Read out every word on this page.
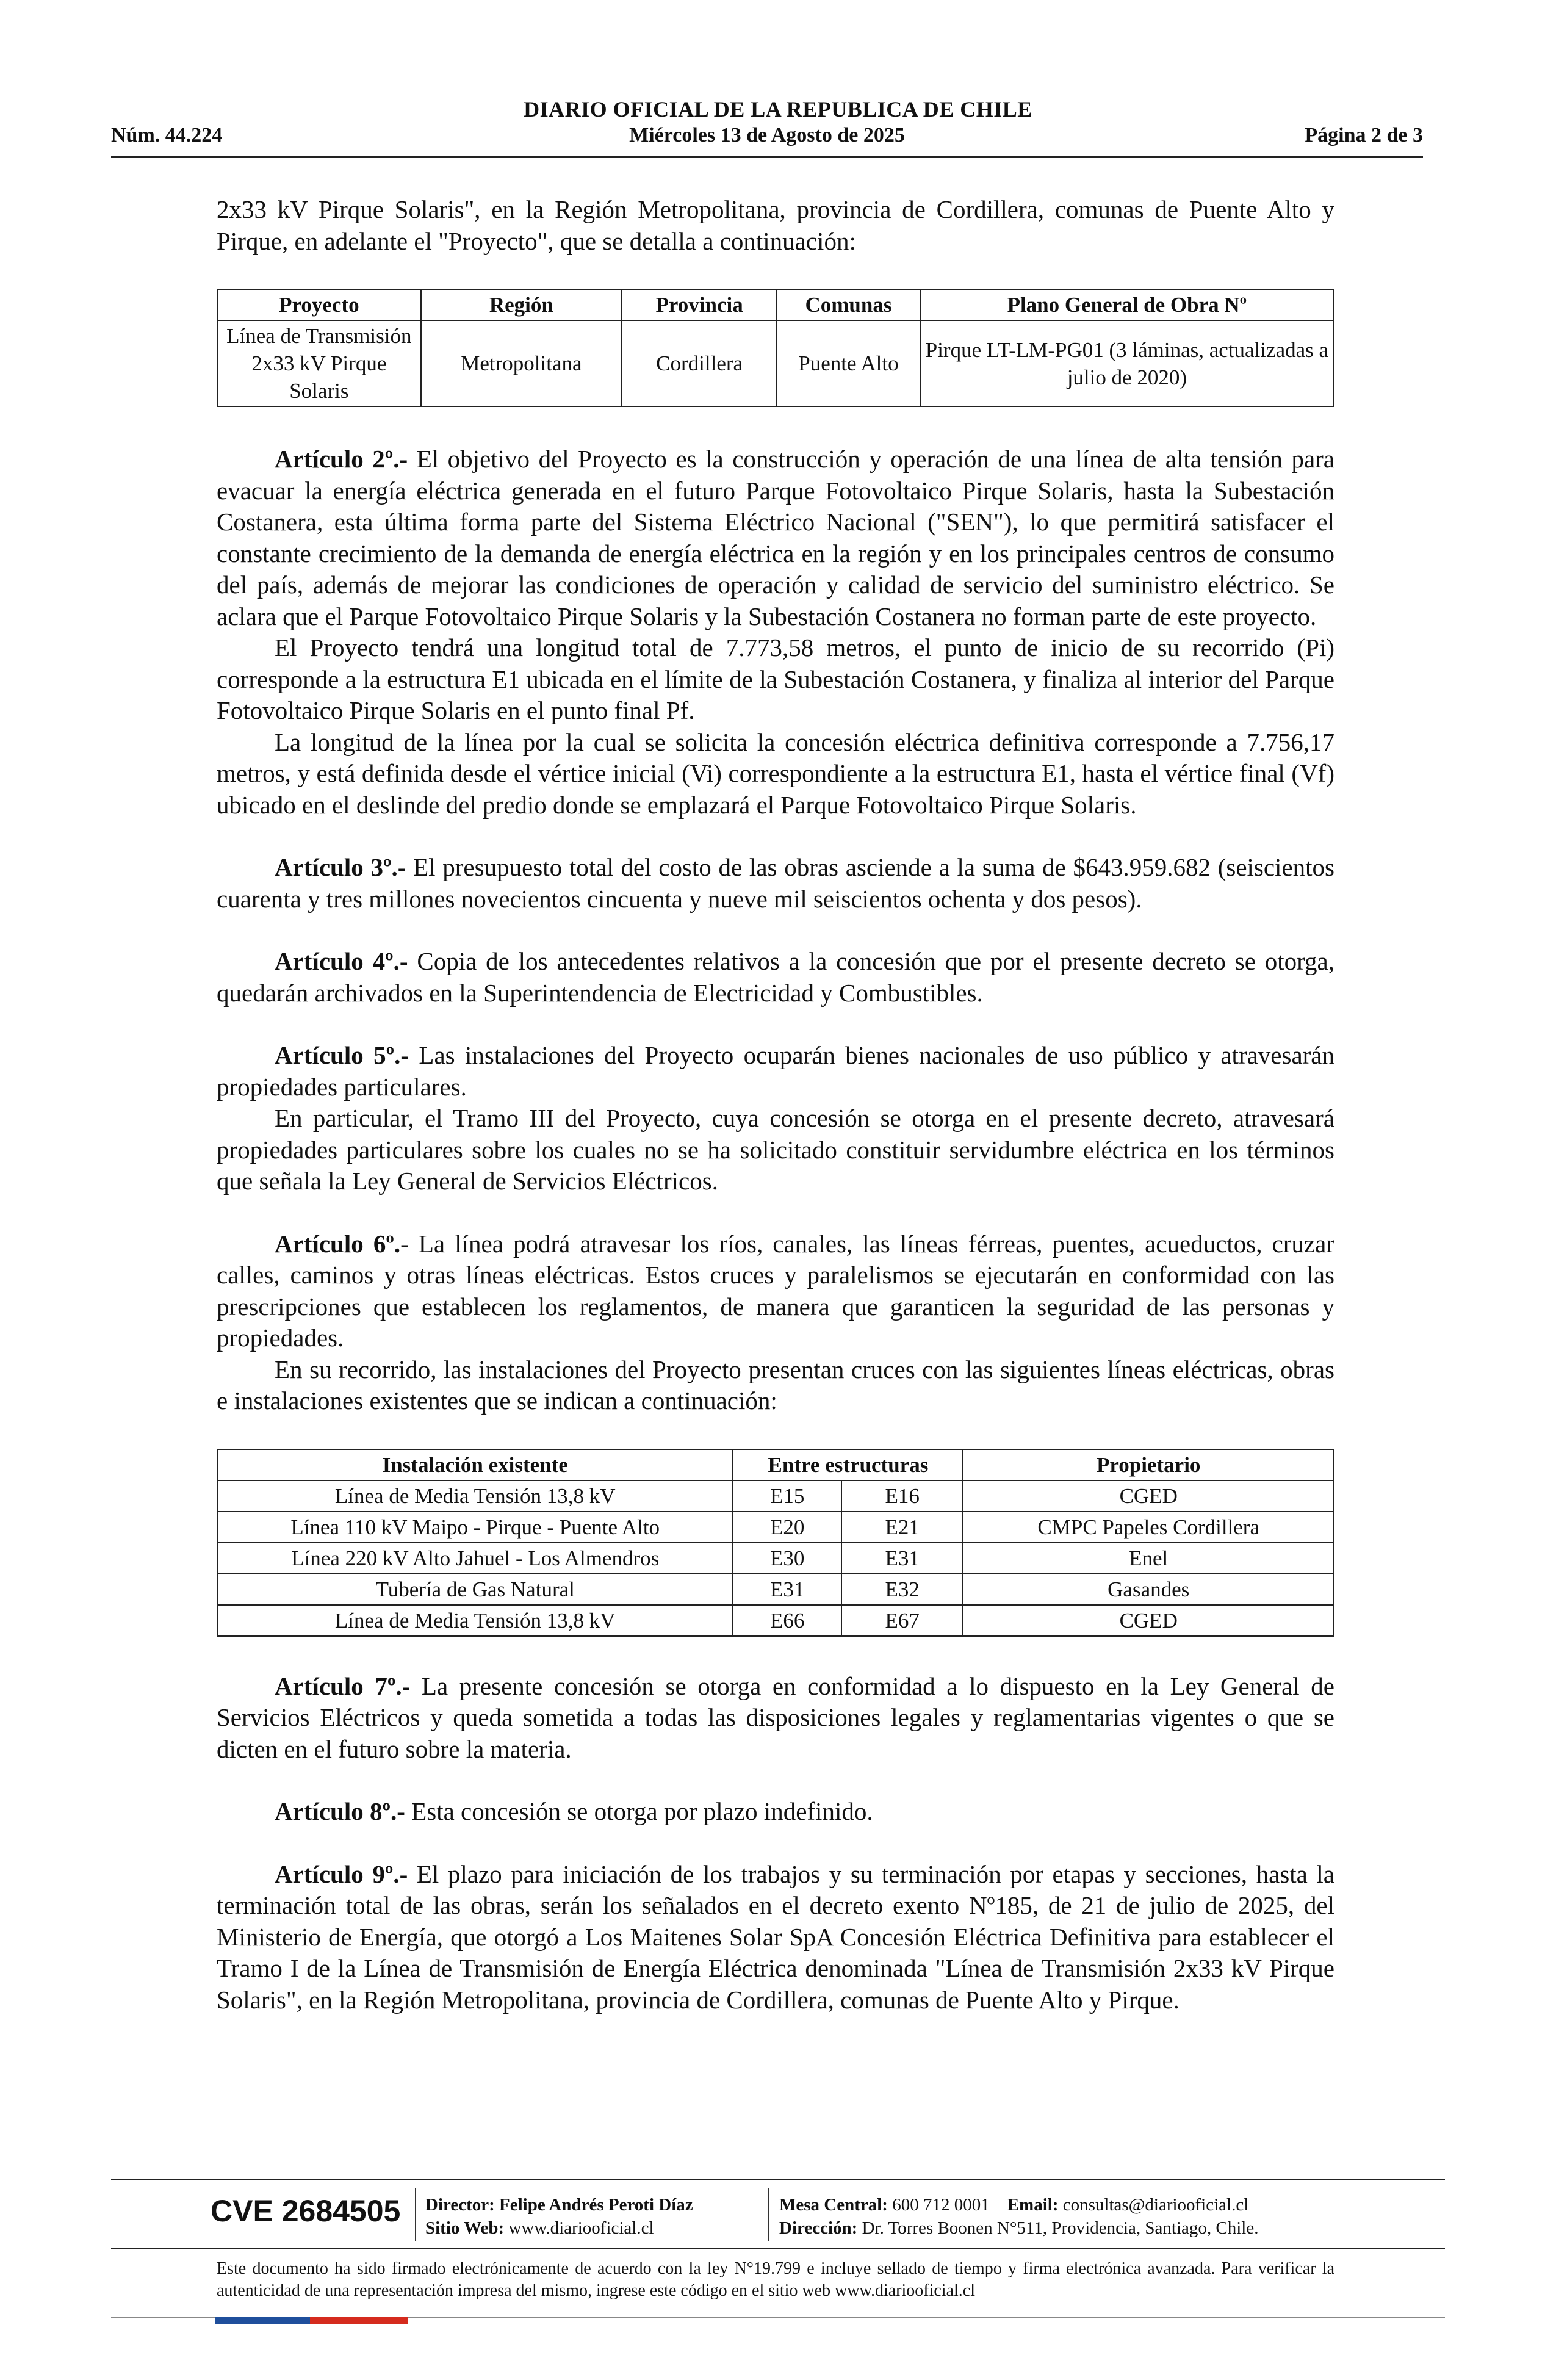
DIARIO OFICIAL DE LA REPUBLICA DE CHILE
Núm. 44.224	Miércoles 13 de Agosto de 2025	Página 2 de 3

2x33 kV Pirque Solaris", en la Región Metropolitana, provincia de Cordillera, comunas de Puente Alto y Pirque, en adelante el "Proyecto", que se detalla a continuación:

Proyecto	Región	Provincia	Comunas	Plano General de Obra Nº
Línea de Transmisión 2x33 kV Pirque Solaris	Metropolitana	Cordillera	Puente Alto	Pirque LT-LM-PG01 (3 láminas, actualizadas a julio de 2020)

Artículo 2º.- El objetivo del Proyecto es la construcción y operación de una línea de alta tensión para evacuar la energía eléctrica generada en el futuro Parque Fotovoltaico Pirque Solaris, hasta la Subestación Costanera, esta última forma parte del Sistema Eléctrico Nacional ("SEN"), lo que permitirá satisfacer el constante crecimiento de la demanda de energía eléctrica en la región y en los principales centros de consumo del país, además de mejorar las condiciones de operación y calidad de servicio del suministro eléctrico. Se aclara que el Parque Fotovoltaico Pirque Solaris y la Subestación Costanera no forman parte de este proyecto.

El Proyecto tendrá una longitud total de 7.773,58 metros, el punto de inicio de su recorrido (Pi) corresponde a la estructura E1 ubicada en el límite de la Subestación Costanera, y finaliza al interior del Parque Fotovoltaico Pirque Solaris en el punto final Pf.

La longitud de la línea por la cual se solicita la concesión eléctrica definitiva corresponde a 7.756,17 metros, y está definida desde el vértice inicial (Vi) correspondiente a la estructura E1, hasta el vértice final (Vf) ubicado en el deslinde del predio donde se emplazará el Parque Fotovoltaico Pirque Solaris.

Artículo 3º.- El presupuesto total del costo de las obras asciende a la suma de $643.959.682 (seiscientos cuarenta y tres millones novecientos cincuenta y nueve mil seiscientos ochenta y dos pesos).

Artículo 4º.- Copia de los antecedentes relativos a la concesión que por el presente decreto se otorga, quedarán archivados en la Superintendencia de Electricidad y Combustibles.

Artículo 5º.- Las instalaciones del Proyecto ocuparán bienes nacionales de uso público y atravesarán propiedades particulares.

En particular, el Tramo III del Proyecto, cuya concesión se otorga en el presente decreto, atravesará propiedades particulares sobre los cuales no se ha solicitado constituir servidumbre eléctrica en los términos que señala la Ley General de Servicios Eléctricos.

Artículo 6º.- La línea podrá atravesar los ríos, canales, las líneas férreas, puentes, acueductos, cruzar calles, caminos y otras líneas eléctricas. Estos cruces y paralelismos se ejecutarán en conformidad con las prescripciones que establecen los reglamentos, de manera que garanticen la seguridad de las personas y propiedades.

En su recorrido, las instalaciones del Proyecto presentan cruces con las siguientes líneas eléctricas, obras e instalaciones existentes que se indican a continuación:

Instalación existente	Entre estructuras		Propietario
Línea de Media Tensión 13,8 kV	E15	E16	CGED
Línea 110 kV Maipo - Pirque - Puente Alto	E20	E21	CMPC Papeles Cordillera
Línea 220 kV Alto Jahuel - Los Almendros	E30	E31	Enel
Tubería de Gas Natural	E31	E32	Gasandes
Línea de Media Tensión 13,8 kV	E66	E67	CGED

Artículo 7º.- La presente concesión se otorga en conformidad a lo dispuesto en la Ley General de Servicios Eléctricos y queda sometida a todas las disposiciones legales y reglamentarias vigentes o que se dicten en el futuro sobre la materia.

Artículo 8º.- Esta concesión se otorga por plazo indefinido.

Artículo 9º.- El plazo para iniciación de los trabajos y su terminación por etapas y secciones, hasta la terminación total de las obras, serán los señalados en el decreto exento Nº185, de 21 de julio de 2025, del Ministerio de Energía, que otorgó a Los Maitenes Solar SpA Concesión Eléctrica Definitiva para establecer el Tramo I de la Línea de Transmisión de Energía Eléctrica denominada "Línea de Transmisión 2x33 kV Pirque Solaris", en la Región Metropolitana, provincia de Cordillera, comunas de Puente Alto y Pirque.

CVE 2684505 Director: Felipe Andrés Peroti Díaz
Sitio Web: www.diariooficial.cl
Mesa Central: 600 712 0001 Email: consultas@diariooficial.cl
Dirección: Dr. Torres Boonen N°511, Providencia, Santiago, Chile.
Este documento ha sido firmado electrónicamente de acuerdo con la ley N°19.799 e incluye sellado de tiempo y firma electrónica avanzada. Para verificar la autenticidad de una representación impresa del mismo, ingrese este código en el sitio web www.diariooficial.cl
